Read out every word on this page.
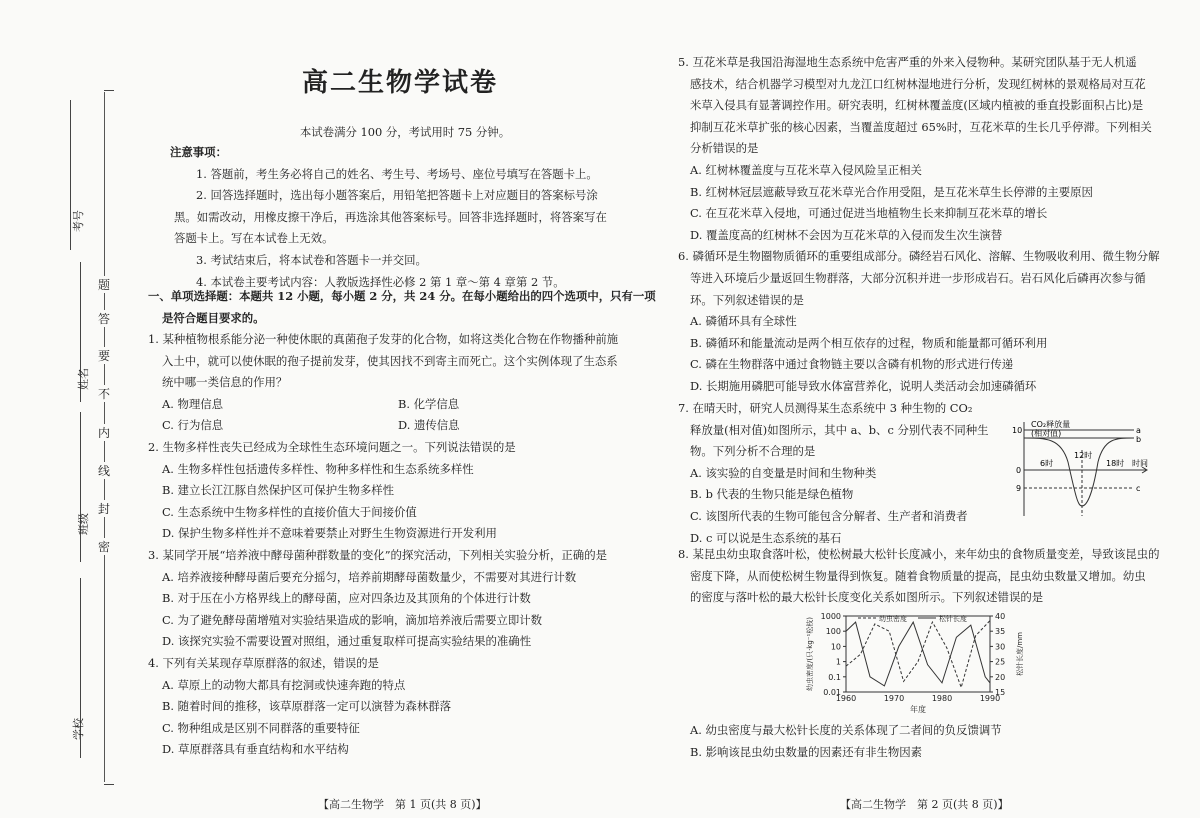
考号
姓名
班级
学校
题
答
要
不
内
线
封
密
高二生物学试卷
本试卷满分 100 分，考试用时 75 分钟。

注意事项：

1. 答题前，考生务必将自己的姓名、考生号、考场号、座位号填写在答题卡上。

2. 回答选择题时，选出每小题答案后，用铅笔把答题卡上对应题目的答案标号涂

黑。如需改动，用橡皮擦干净后，再选涂其他答案标号。回答非选择题时，将答案写在

答题卡上。写在本试卷上无效。

3. 考试结束后，将本试卷和答题卡一并交回。

4. 本试卷主要考试内容：人教版选择性必修 2 第 1 章～第 4 章第 2 节。

一、单项选择题：本题共 12 小题，每小题 2 分，共 24 分。在每小题给出的四个选项中，只有一项

是符合题目要求的。

1. 某种植物根系能分泌一种使休眠的真菌孢子发芽的化合物，如将这类化合物在作物播种前施

入土中，就可以使休眠的孢子提前发芽，使其因找不到寄主而死亡。这个实例体现了生态系

统中哪一类信息的作用？

A. 物理信息	B. 化学信息

C. 行为信息	D. 遗传信息

2. 生物多样性丧失已经成为全球性生态环境问题之一。下列说法错误的是

A. 生物多样性包括遗传多样性、物种多样性和生态系统多样性

B. 建立长江江豚自然保护区可保护生物多样性

C. 生态系统中生物多样性的直接价值大于间接价值

D. 保护生物多样性并不意味着要禁止对野生生物资源进行开发利用

3. 某同学开展“培养液中酵母菌种群数量的变化”的探究活动，下列相关实验分析，正确的是

A. 培养液接种酵母菌后要充分摇匀，培养前期酵母菌数量少，不需要对其进行计数

B. 对于压在小方格界线上的酵母菌，应对四条边及其顶角的个体进行计数

C. 为了避免酵母菌增殖对实验结果造成的影响，滴加培养液后需要立即计数

D. 该探究实验不需要设置对照组，通过重复取样可提高实验结果的准确性

4. 下列有关某现存草原群落的叙述，错误的是

A. 草原上的动物大都具有挖洞或快速奔跑的特点

B. 随着时间的推移，该草原群落一定可以演替为森林群落

C. 物种组成是区别不同群落的重要特征

D. 草原群落具有垂直结构和水平结构

【高二生物学　第 1 页(共 8 页)】

5. 互花米草是我国沿海湿地生态系统中危害严重的外来入侵物种。某研究团队基于无人机遥

感技术，结合机器学习模型对九龙江口红树林湿地进行分析，发现红树林的景观格局对互花

米草入侵具有显著调控作用。研究表明，红树林覆盖度(区域内植被的垂直投影面积占比)是

抑制互花米草扩张的核心因素，当覆盖度超过 65%时，互花米草的生长几乎停滞。下列相关

分析错误的是

A. 红树林覆盖度与互花米草入侵风险呈正相关

B. 红树林冠层遮蔽导致互花米草光合作用受阻，是互花米草生长停滞的主要原因

C. 在互花米草入侵地，可通过促进当地植物生长来抑制互花米草的增长

D. 覆盖度高的红树林不会因为互花米草的入侵而发生次生演替

6. 磷循环是生物圈物质循环的重要组成部分。磷经岩石风化、溶解、生物吸收利用、微生物分解

等进入环境后少量返回生物群落，大部分沉积并进一步形成岩石。岩石风化后磷再次参与循

环。下列叙述错误的是

A. 磷循环具有全球性

B. 磷循环和能量流动是两个相互依存的过程，物质和能量都可循环利用

C. 磷在生物群落中通过食物链主要以含磷有机物的形式进行传递

D. 长期施用磷肥可能导致水体富营养化，说明人类活动会加速磷循环

7. 在晴天时，研究人员测得某生态系统中 3 种生物的 CO₂

释放量(相对值)如图所示，其中 a、b、c 分别代表不同种生

物。下列分析不合理的是

A. 该实验的自变量是时间和生物种类

B. b 代表的生物只能是绿色植物

C. 该图所代表的生物可能包含分解者、生产者和消费者

D. c 可以说是生态系统的基石

CO₂释放量
(相对值)
10
0
9
6时
12时
18时 时间
a
b
c

8. 某昆虫幼虫取食落叶松，使松树最大松针长度减小，来年幼虫的食物质量变差，导致该昆虫的

密度下降，从而使松树生物量得到恢复。随着食物质量的提高，昆虫幼虫数量又增加。幼虫

的密度与落叶松的最大松针长度变化关系如图所示。下列叙述错误的是

0.01
0.1
1
10
100
1000
15
20
25
30
35
40
1960	1970	1980	1990
年度
幼虫密度/(只·kg⁻¹松枝)	松针长度/mm
幼虫密度	松针长度

A. 幼虫密度与最大松针长度的关系体现了二者间的负反馈调节

B. 影响该昆虫幼虫数量的因素还有非生物因素

【高二生物学　第 2 页(共 8 页)】
